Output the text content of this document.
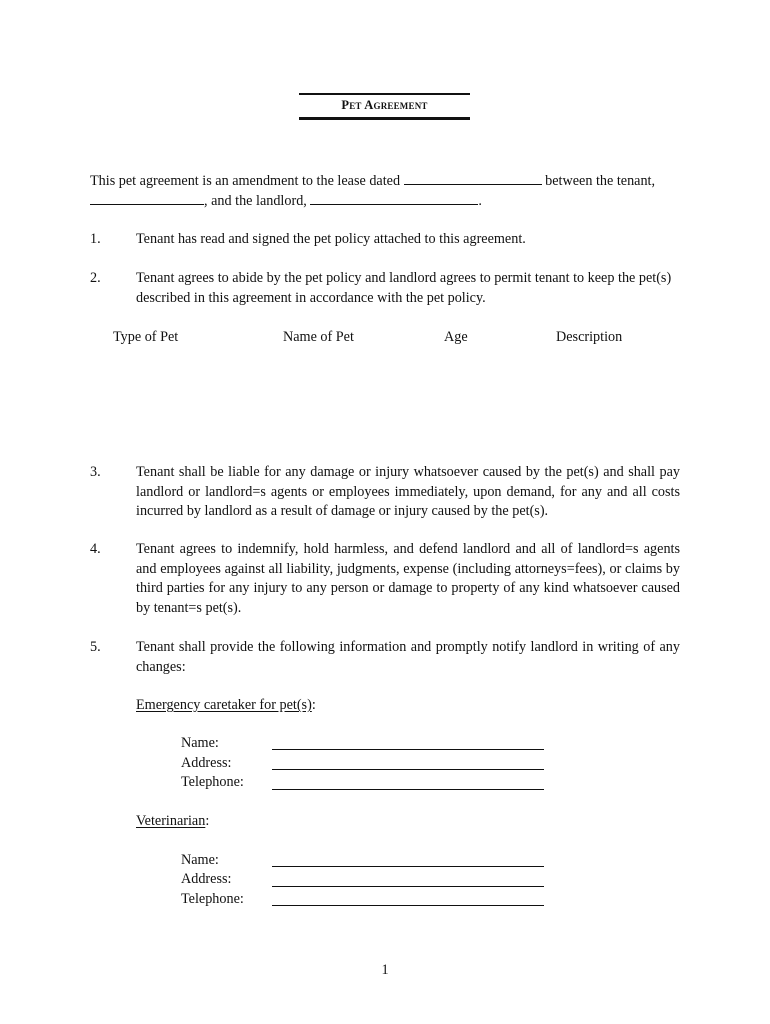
Pet Agreement
This pet agreement is an amendment to the lease dated	between the tenant,
, and the landlord,	.
1. Tenant has read and signed the pet policy attached to this agreement.
2. Tenant agrees to abide by the pet policy and landlord agrees to permit tenant to keep the pet(s) described in this agreement in accordance with the pet policy.
Type of Pet	Name of Pet	Age	Description
3. Tenant shall be liable for any damage or injury whatsoever caused by the pet(s) and shall pay landlord or landlord=s agents or employees immediately, upon demand, for any and all costs incurred by landlord as a result of damage or injury caused by the pet(s).
4. Tenant agrees to indemnify, hold harmless, and defend landlord and all of landlord=s agents and employees against all liability, judgments, expense (including attorneys=fees), or claims by third parties for any injury to any person or damage to property of any kind whatsoever caused by tenant=s pet(s).
5. Tenant shall provide the following information and promptly notify landlord in writing of any changes:
Emergency caretaker for pet(s):
Name:
Address:
Telephone:
Veterinarian:
Name:
Address:
Telephone:
1
